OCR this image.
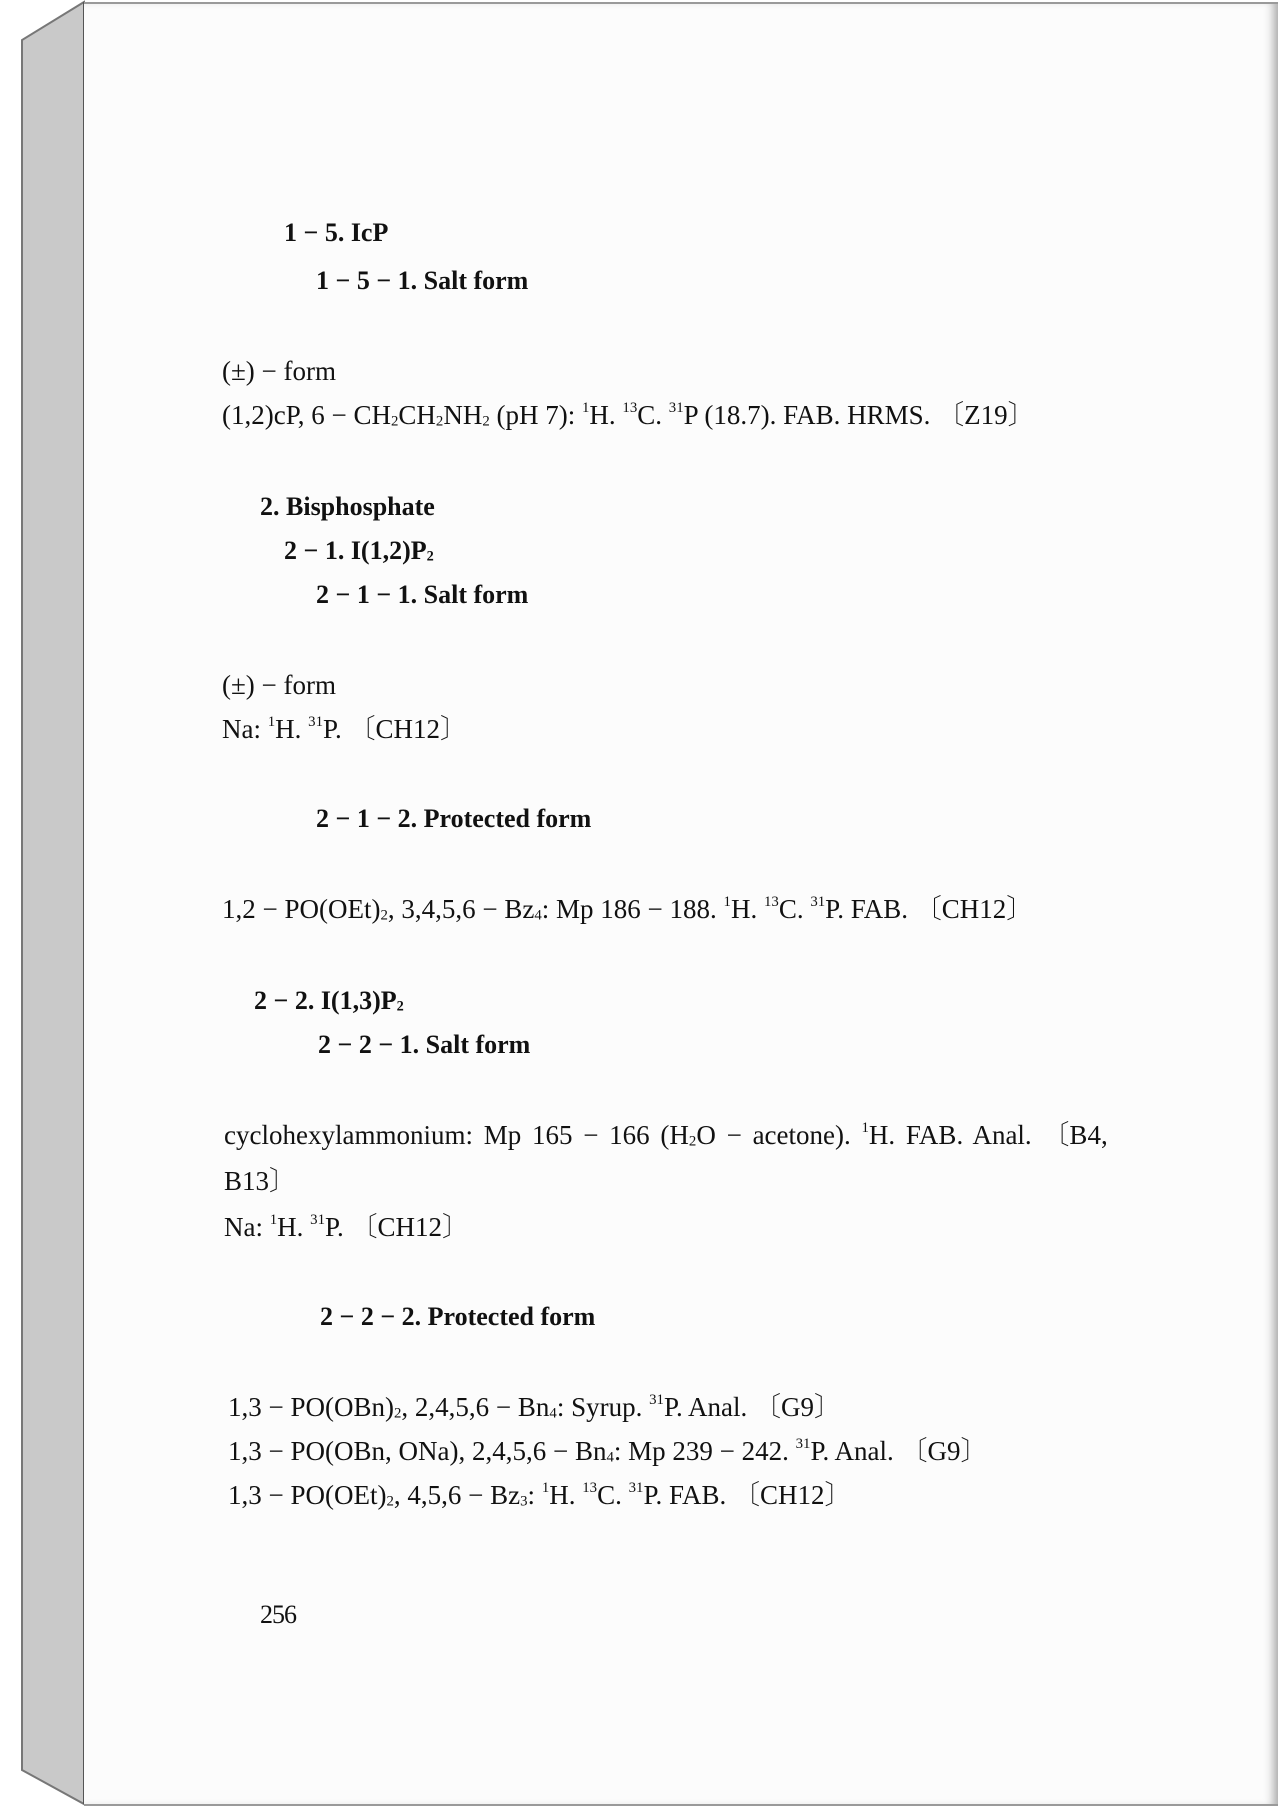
1 − 5. IcP
1 − 5 − 1. Salt form
(±) − form
(1,2)cP, $6 - CH_2CH_2NH_2$ (pH 7): $^1$H. $^{13}$C. $^{31}$P (18.7). FAB. HRMS. 〔Z19〕
2. Bisphosphate
2 − 1. $I(1,2)P_2$
2 − 1 − 1. Salt form
(±) − form
Na: $^1$H. $^{31}$P. 〔CH12〕
2 − 1 − 2. Protected form
$1,2 - PO(OEt)_2$, $3,4,5,6 - Bz_4$: Mp 186 − 188. $^1$H. $^{13}$C. $^{31}$P. FAB. 〔CH12〕
2 − 2. $I(1,3)P_2$
2 − 2 − 1. Salt form
cyclohexylammonium: Mp 165 − 166 ($H_2O$ − acetone). $^1$H. FAB. Anal. 〔B4,
B13〕
Na: $^1$H. $^{31}$P. 〔CH12〕
2 − 2 − 2. Protected form
$1,3 - PO(OBn)_2$, $2,4,5,6 - Bn_4$: Syrup. $^{31}$P. Anal. 〔G9〕
1,3 − PO(OBn, ONa), $2,4,5,6 - Bn_4$: Mp 239 − 242. $^{31}$P. Anal. 〔G9〕
$1,3 - PO(OEt)_2$, $4,5,6 - Bz_3$: $^1$H. $^{13}$C. $^{31}$P. FAB. 〔CH12〕
256
